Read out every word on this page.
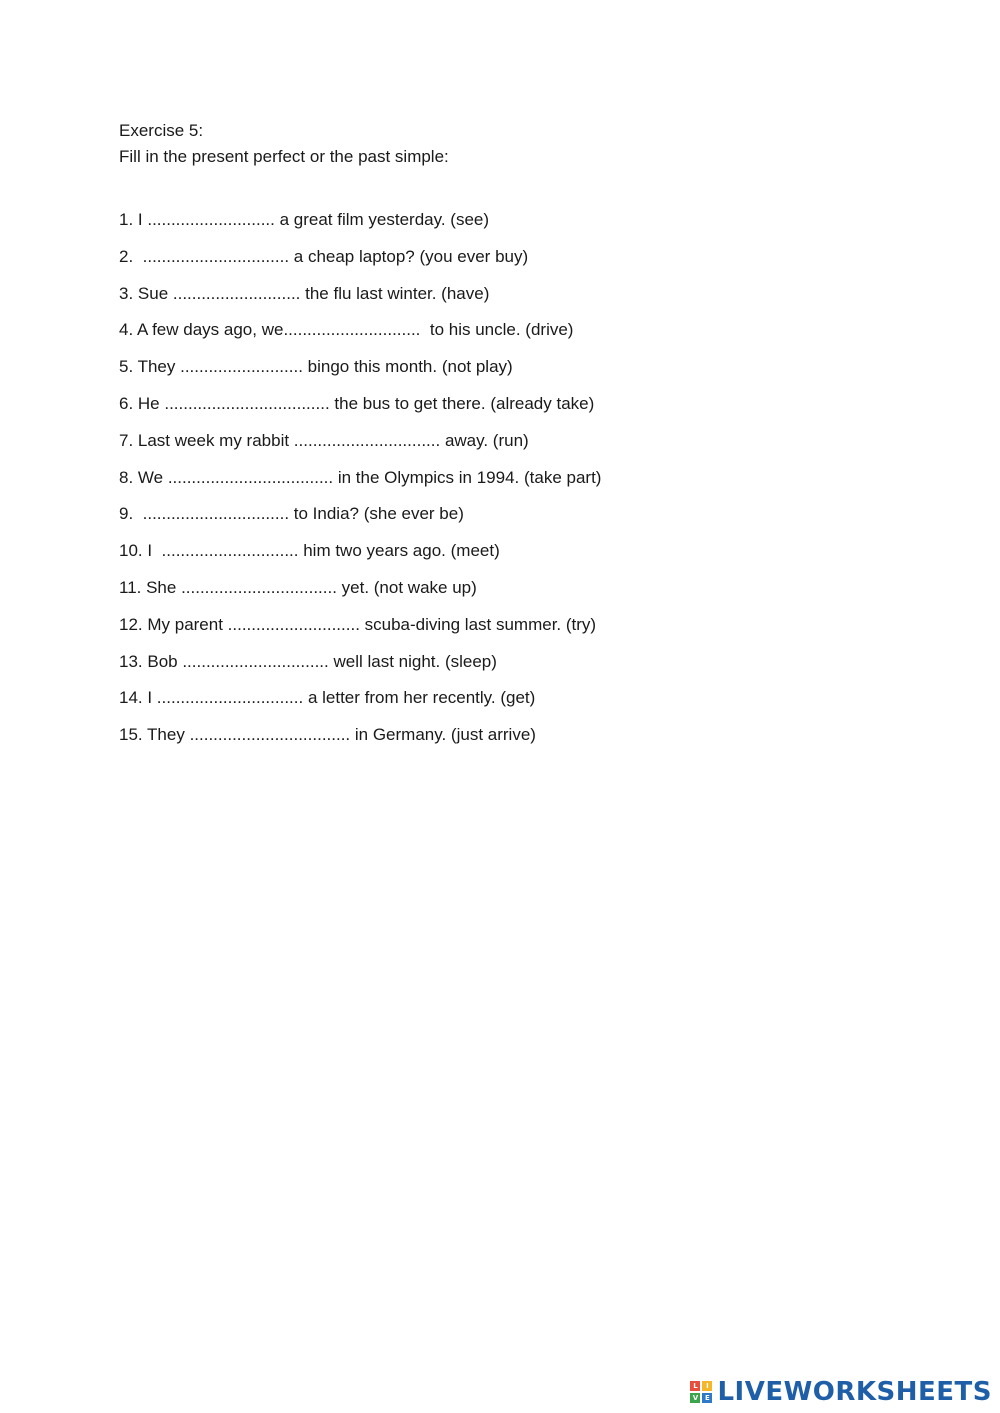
Exercise 5:

Fill in the present perfect or the past simple:

1. I ........................... a great film yesterday. (see)
2.  ............................... a cheap laptop? (you ever buy)
3. Sue ........................... the flu last winter. (have)
4. A few days ago, we.............................  to his uncle. (drive)
5. They .......................... bingo this month. (not play)
6. He ................................... the bus to get there. (already take)
7. Last week my rabbit ............................... away. (run)
8. We ................................... in the Olympics in 1994. (take part)
9.  ............................... to India? (she ever be)
10. I  ............................. him two years ago. (meet)
11. She ................................. yet. (not wake up)
12. My parent ............................ scuba-diving last summer. (try)
13. Bob ............................... well last night. (sleep)
14. I ............................... a letter from her recently. (get)
15. They .................................. in Germany. (just arrive)
L	I
V E LIVEWORKSHEETS
